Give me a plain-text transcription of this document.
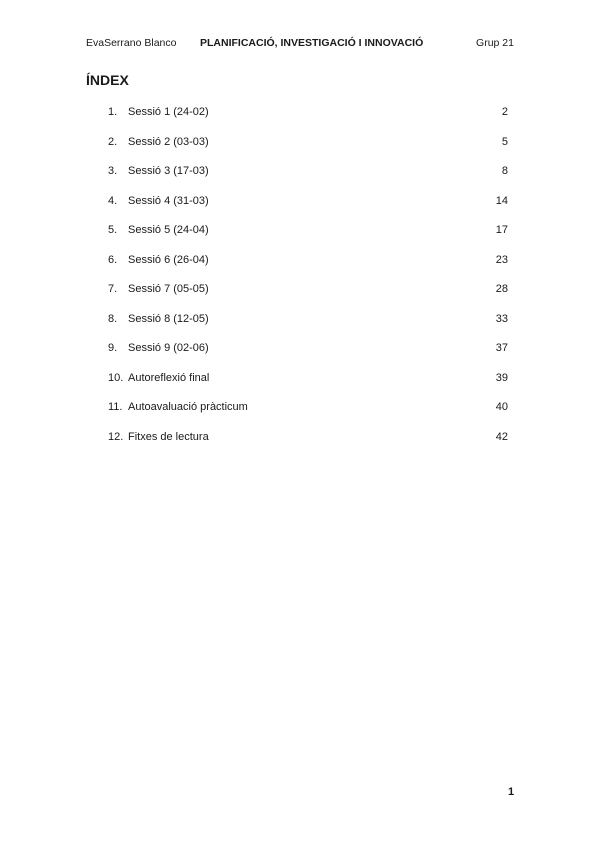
EvaSerrano Blanco PLANIFICACIÓ, INVESTIGACIÓ I INNOVACIÓ	Grup 21
ÍNDEX
1. Sessió 1 (24-02)	2
2. Sessió 2 (03-03)	5
3. Sessió 3 (17-03)	8
4. Sessió 4 (31-03)	14
5. Sessió 5 (24-04)	17
6. Sessió 6 (26-04)	23
7. Sessió 7 (05-05)	28
8. Sessió 8 (12-05)	33
9. Sessió 9 (02-06)	37
10. Autoreflexió final	39
11. Autoavaluació pràcticum	40
12. Fitxes de lectura	42
1
